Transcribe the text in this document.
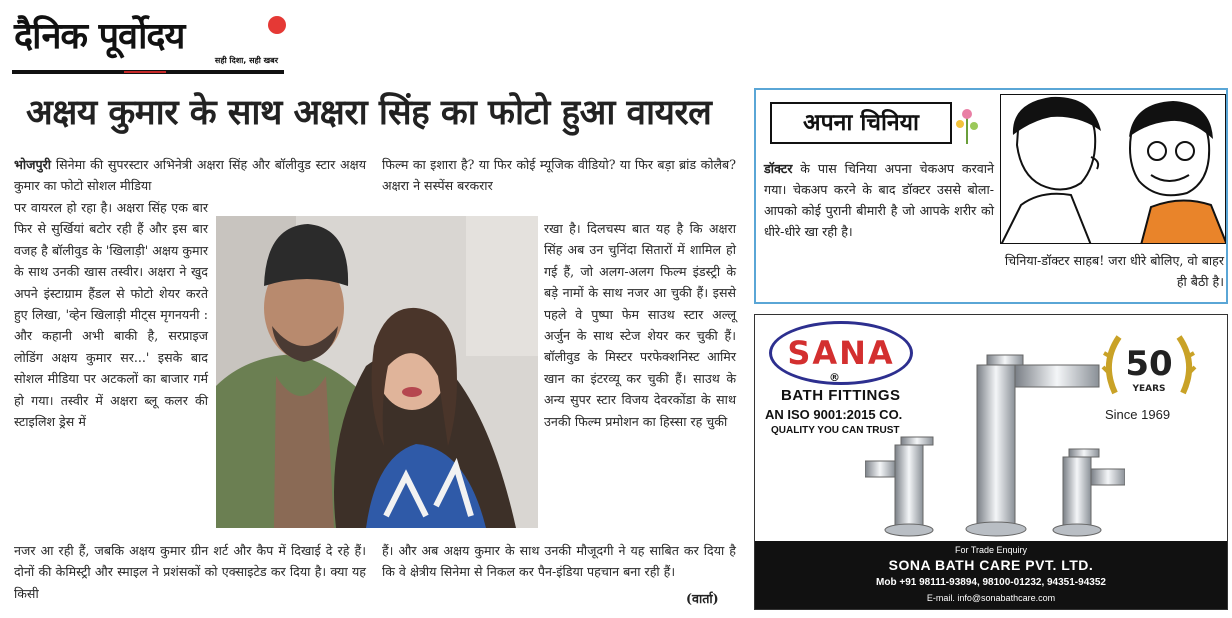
दैनिक पूर्वोदय
सही दिशा, सही खबर
अक्षय कुमार के साथ अक्षरा सिंह का फोटो हुआ वायरल

भोजपुरी सिनेमा की सुपरस्टार अभिनेत्री अक्षरा सिंह और बॉलीवुड स्टार अक्षय कुमार का फोटो सोशल मीडिया

पर वायरल हो रहा है। अक्षरा सिंह एक बार फिर से सुर्खियां बटोर रही हैं और इस बार वजह है बॉलीवुड के 'खिलाड़ी' अक्षय कुमार के साथ उनकी खास तस्वीर। अक्षरा ने खुद अपने इंस्टाग्राम हैंडल से फोटो शेयर करते हुए लिखा, 'व्हेन खिलाड़ी मीट्स मृगनयनी : और कहानी अभी बाकी है, सरप्राइज लोडिंग अक्षय कुमार सर...' इसके बाद सोशल मीडिया पर अटकलों का बाजार गर्म हो गया। तस्वीर में अक्षरा ब्लू कलर की स्टाइलिश ड्रेस में

नजर आ रही हैं, जबकि अक्षय कुमार ग्रीन शर्ट और कैप में दिखाई दे रहे हैं। दोनों की केमिस्ट्री और स्माइल ने प्रशंसकों को एक्साइटेड कर दिया है। क्या यह किसी

फिल्म का इशारा है? या फिर कोई म्यूजिक वीडियो? या फिर बड़ा ब्रांड कोलैब? अक्षरा ने सस्पेंस बरकरार

रखा है। दिलचस्प बात यह है कि अक्षरा सिंह अब उन चुनिंदा सितारों में शामिल हो गई हैं, जो अलग-अलग फिल्म इंडस्ट्री के बड़े नामों के साथ नजर आ चुकी हैं। इससे पहले वे पुष्पा फेम साउथ स्टार अल्लू अर्जुन के साथ स्टेज शेयर कर चुकी हैं। बॉलीवुड के मिस्टर परफेक्शनिस्ट आमिर खान का इंटरव्यू कर चुकी हैं। साउथ के अन्य सुपर स्टार विजय देवरकोंडा के साथ उनकी फिल्म प्रमोशन का हिस्सा रह चुकी

हैं। और अब अक्षय कुमार के साथ उनकी मौजूदगी ने यह साबित कर दिया है कि वे क्षेत्रीय सिनेमा से निकल कर पैन-इंडिया पहचान बना रही हैं।

(वार्ता)
अपना चिनिया

डॉक्टर के पास चिनिया अपना चेकअप करवाने गया। चेकअप करने के बाद डॉक्टर उससे बोला- आपको कोई पुरानी बीमारी है जो आपके शरीर को धीरे-धीरे खा रही है।

चिनिया-डॉक्टर साहब! जरा धीरे बोलिए, वो बाहर ही बैठी है।

SANA
®
BATH FITTINGS
AN ISO 9001:2015 CO.
QUALITY YOU CAN TRUST
50
YEARS
Since 1969
For Trade Enquiry
SONA BATH CARE PVT. LTD.
Mob +91 98111-93894, 98100-01232, 94351-94352
E-mail. info@sonabathcare.com
